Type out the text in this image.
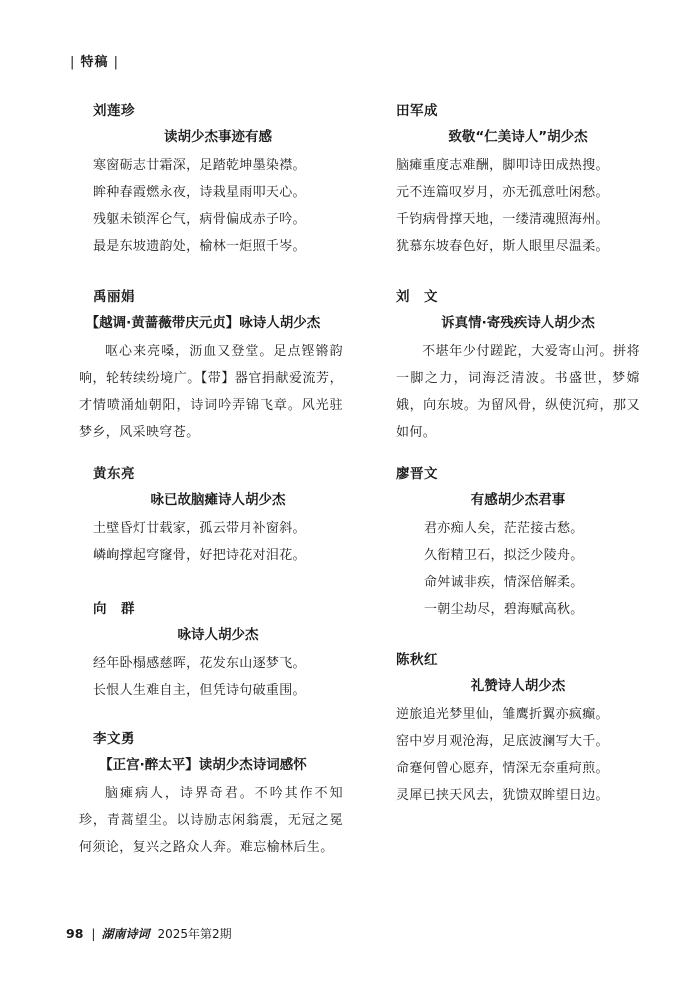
| 特稿 |
刘莲珍
读胡少杰事迹有感
寒窗砺志廿霜深，足踏乾坤墨染襟。
眸种春霞燃永夜，诗栽星雨叩天心。
残躯未锁浑仑气，病骨偏成赤子吟。
最是东坡遗韵处，榆林一炬照千岑。
禹丽娟
【越调·黄蔷薇带庆元贞】咏诗人胡少杰

呕心来亮嗓，沥血又登堂。足点铿锵韵响，轮转续纷境广。【带】器官捐献爱流芳，才情喷涌灿朝阳，诗词吟弄锦飞章。风光驻梦乡，风采映穹苍。

黄东亮
咏已故脑瘫诗人胡少杰
土壁昏灯廿载家，孤云带月补窗斜。
嶙峋撑起穹窿骨，好把诗花对泪花。
向　群
咏诗人胡少杰
经年卧榻感慈晖，花发东山逐梦飞。
长恨人生难自主，但凭诗句破重围。
李文勇
【正宫·醉太平】读胡少杰诗词感怀

脑瘫病人，诗界奇君。不吟其作不知珍，青蒿望尘。以诗励志闲翁震，无冠之冕何须论，复兴之路众人奔。难忘榆林后生。

田军成
致敬“仁美诗人”胡少杰
脑瘫重度志难酬，脚叩诗田成热搜。
元不连篇叹岁月，亦无孤意吐闲愁。
千钧病骨撑天地，一缕清魂照海州。
犹慕东坡春色好，斯人眼里尽温柔。
刘　文
诉真情·寄残疾诗人胡少杰

不堪年少付蹉跎，大爱寄山河。拼将一脚之力，词海泛清波。书盛世，梦嫦娥，向东坡。为留风骨，纵使沉疴，那又如何。

廖晋文
有感胡少杰君事
君亦痴人矣，茫茫接古愁。
久衔精卫石，拟泛少陵舟。
命舛诚非疾，情深倍解柔。
一朝尘劫尽，碧海赋高秋。
陈秋红
礼赞诗人胡少杰
逆旅追光梦里仙，雏鹰折翼亦疯癫。
窑中岁月观沧海，足底波澜写大千。
命蹇何曾心愿弃，情深无奈重疴煎。
灵犀已挟天风去，犹馈双眸望日边。
98 | 湖南诗词 2025年第2期
